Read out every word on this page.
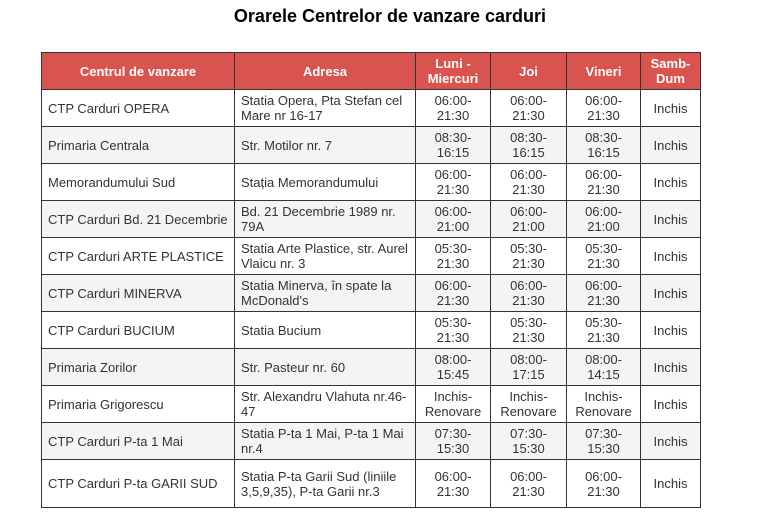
Orarele Centrelor de vanzare carduri
Centrul de vanzare	Adresa	Luni - Miercuri	Joi	Vineri	Samb-Dum
CTP Carduri OPERA	Statia Opera, Pta Stefan cel Mare nr 16-17	06:00-21:30	06:00-21:30	06:00-21:30	Inchis
Primaria Centrala	Str. Motilor nr. 7	08:30-16:15	08:30-16:15	08:30-16:15	Inchis
Memorandumului Sud	Stația Memorandumului	06:00-21:30	06:00-21:30	06:00-21:30	Inchis
CTP Carduri Bd. 21 Decembrie	Bd. 21 Decembrie 1989 nr. 79A	06:00-21:00	06:00-21:00	06:00-21:00	Inchis
CTP Carduri ARTE PLASTICE	Statia Arte Plastice, str. Aurel Vlaicu nr. 3	05:30-21:30	05:30-21:30	05:30-21:30	Inchis
CTP Carduri MINERVA	Statia Minerva, în spate la McDonald's	06:00-21:30	06:00-21:30	06:00-21:30	Inchis
CTP Carduri BUCIUM	Statia Bucium	05:30-21:30	05:30-21:30	05:30-21:30	Inchis
Primaria Zorilor	Str. Pasteur nr. 60	08:00-15:45	08:00-17:15	08:00-14:15	Inchis
Primaria Grigorescu	Str. Alexandru Vlahuta nr.46-47	Inchis-Renovare	Inchis-Renovare	Inchis-Renovare	Inchis
CTP Carduri P-ta 1 Mai	Statia P-ta 1 Mai, P-ta 1 Mai nr.4	07:30-15:30	07:30-15:30	07:30-15:30	Inchis
CTP Carduri P-ta GARII SUD	Statia P-ta Garii Sud (liniile 3,5,9,35), P-ta Garii nr.3	06:00-21:30	06:00-21:30	06:00-21:30	Inchis
